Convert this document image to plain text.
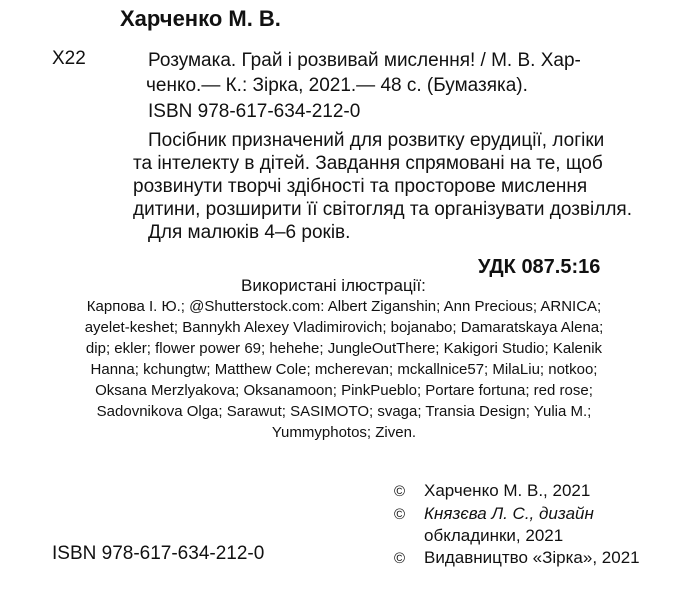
Харченко М. В.
Х22	Розумака. Грай і розвивай мислення! / М. В. Хар-
ченко.— К.: Зірка, 2021.— 48 с. (Бумазяка).
ISBN 978-617-634-212-0
Посібник призначений для розвитку ерудиції, логіки
та інтелекту в дітей. Завдання спрямовані на те, щоб
розвинути творчі здібності та просторове мислення
дитини, розширити її світогляд та організувати дозвілля.
Для малюків 4–6 років.
УДК 087.5:16
Використані ілюстрації:
Карпова І. Ю.; @Shutterstock.com: Albert Ziganshin; Ann Precious; ARNICA;
ayelet-keshet; Bannykh Alexey Vladimirovich; bojanabo; Damaratskaya Alena;
dip; ekler; flower power 69; hehehe; JungleOutThere; Kakigori Studio; Kalenik
Hanna; kchungtw; Matthew Cole; mcherevan; mckallnice57; MilaLiu; notkoo;
Oksana Merzlyakova; Oksanamoon; PinkPueblo; Portare fortuna; red rose;
Sadovnikova Olga; Sarawut; SASIMOTO; svaga; Transia Design; Yulia M.;
Yummyphotos; Ziven.
© Харченко М. В., 2021
© Князєва Л. С., дизайн
обкладинки, 2021
© Видавництво «Зірка», 2021
ISBN 978-617-634-212-0
